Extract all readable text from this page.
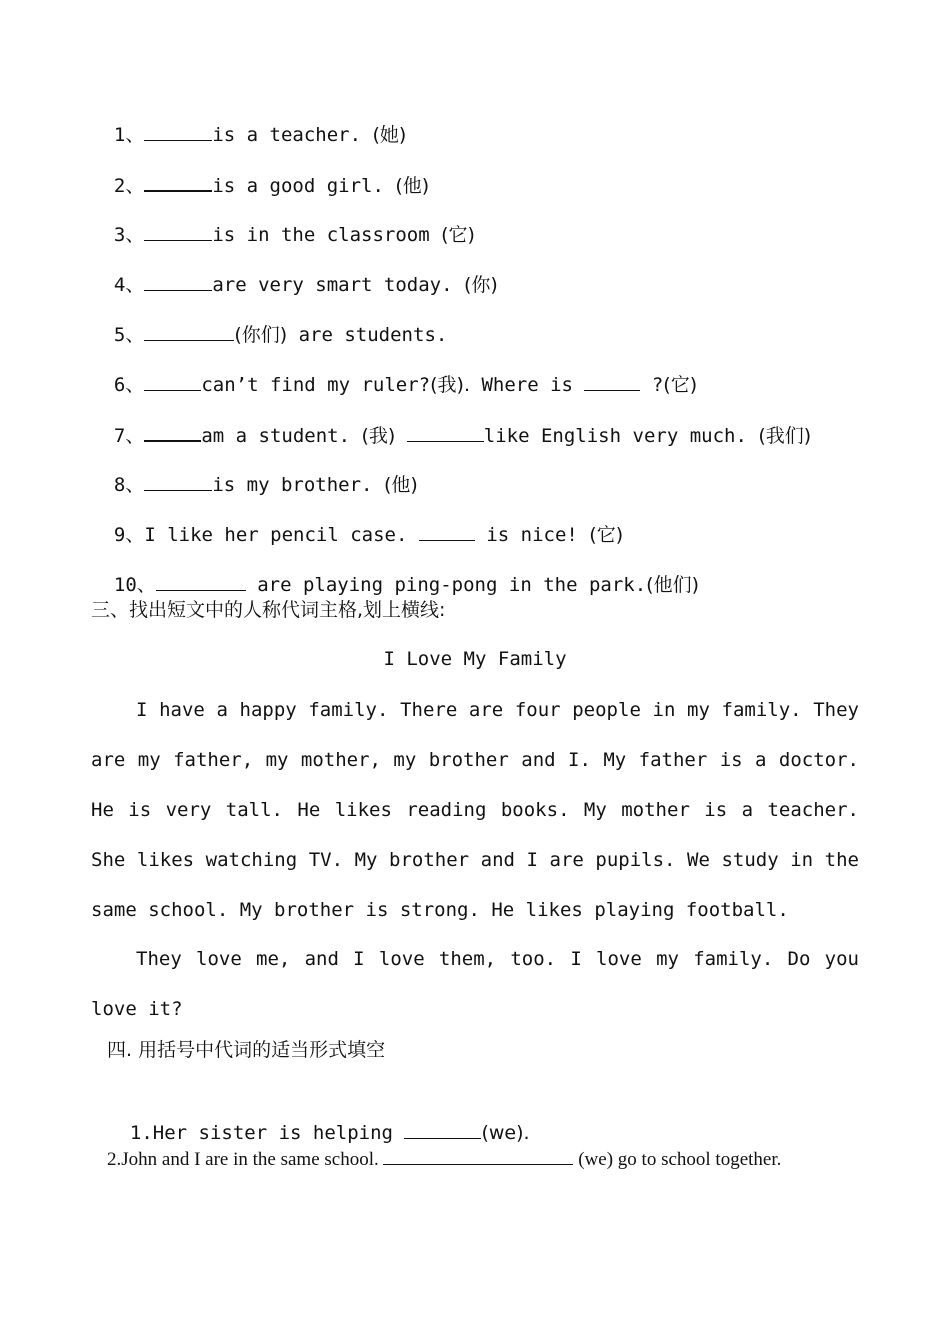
1、	is a teacher. (她)

2、	is a good girl. (他)

3、	is in the classroom (它)

4、	are very smart today. (你)

5、	(你们) are students.

6、	can’t find my ruler?(我). Where is	?(它)

7、	am a student. (我)	like English very much. (我们)

8、	is my brother. (他)

9、I like her pencil case.	is nice! (它)

10、	are playing ping-pong in the park.(他们)

三、找出短文中的人称代词主格,划上横线:
I Love My Family
I have a happy family. There are four people in my family. They are my father, my mother, my brother and I. My father is a doctor. He is very tall. He likes reading books. My mother is a teacher. She likes watching TV. My brother and I are pupils. We study in the same school. My brother is strong. He likes playing football.
They love me, and I love them, too. I love my family. Do you love it?
四. 用括号中代词的适当形式填空

1.Her sister is helping	(we).

2.John and I are in the same school.	(we) go to school together.
